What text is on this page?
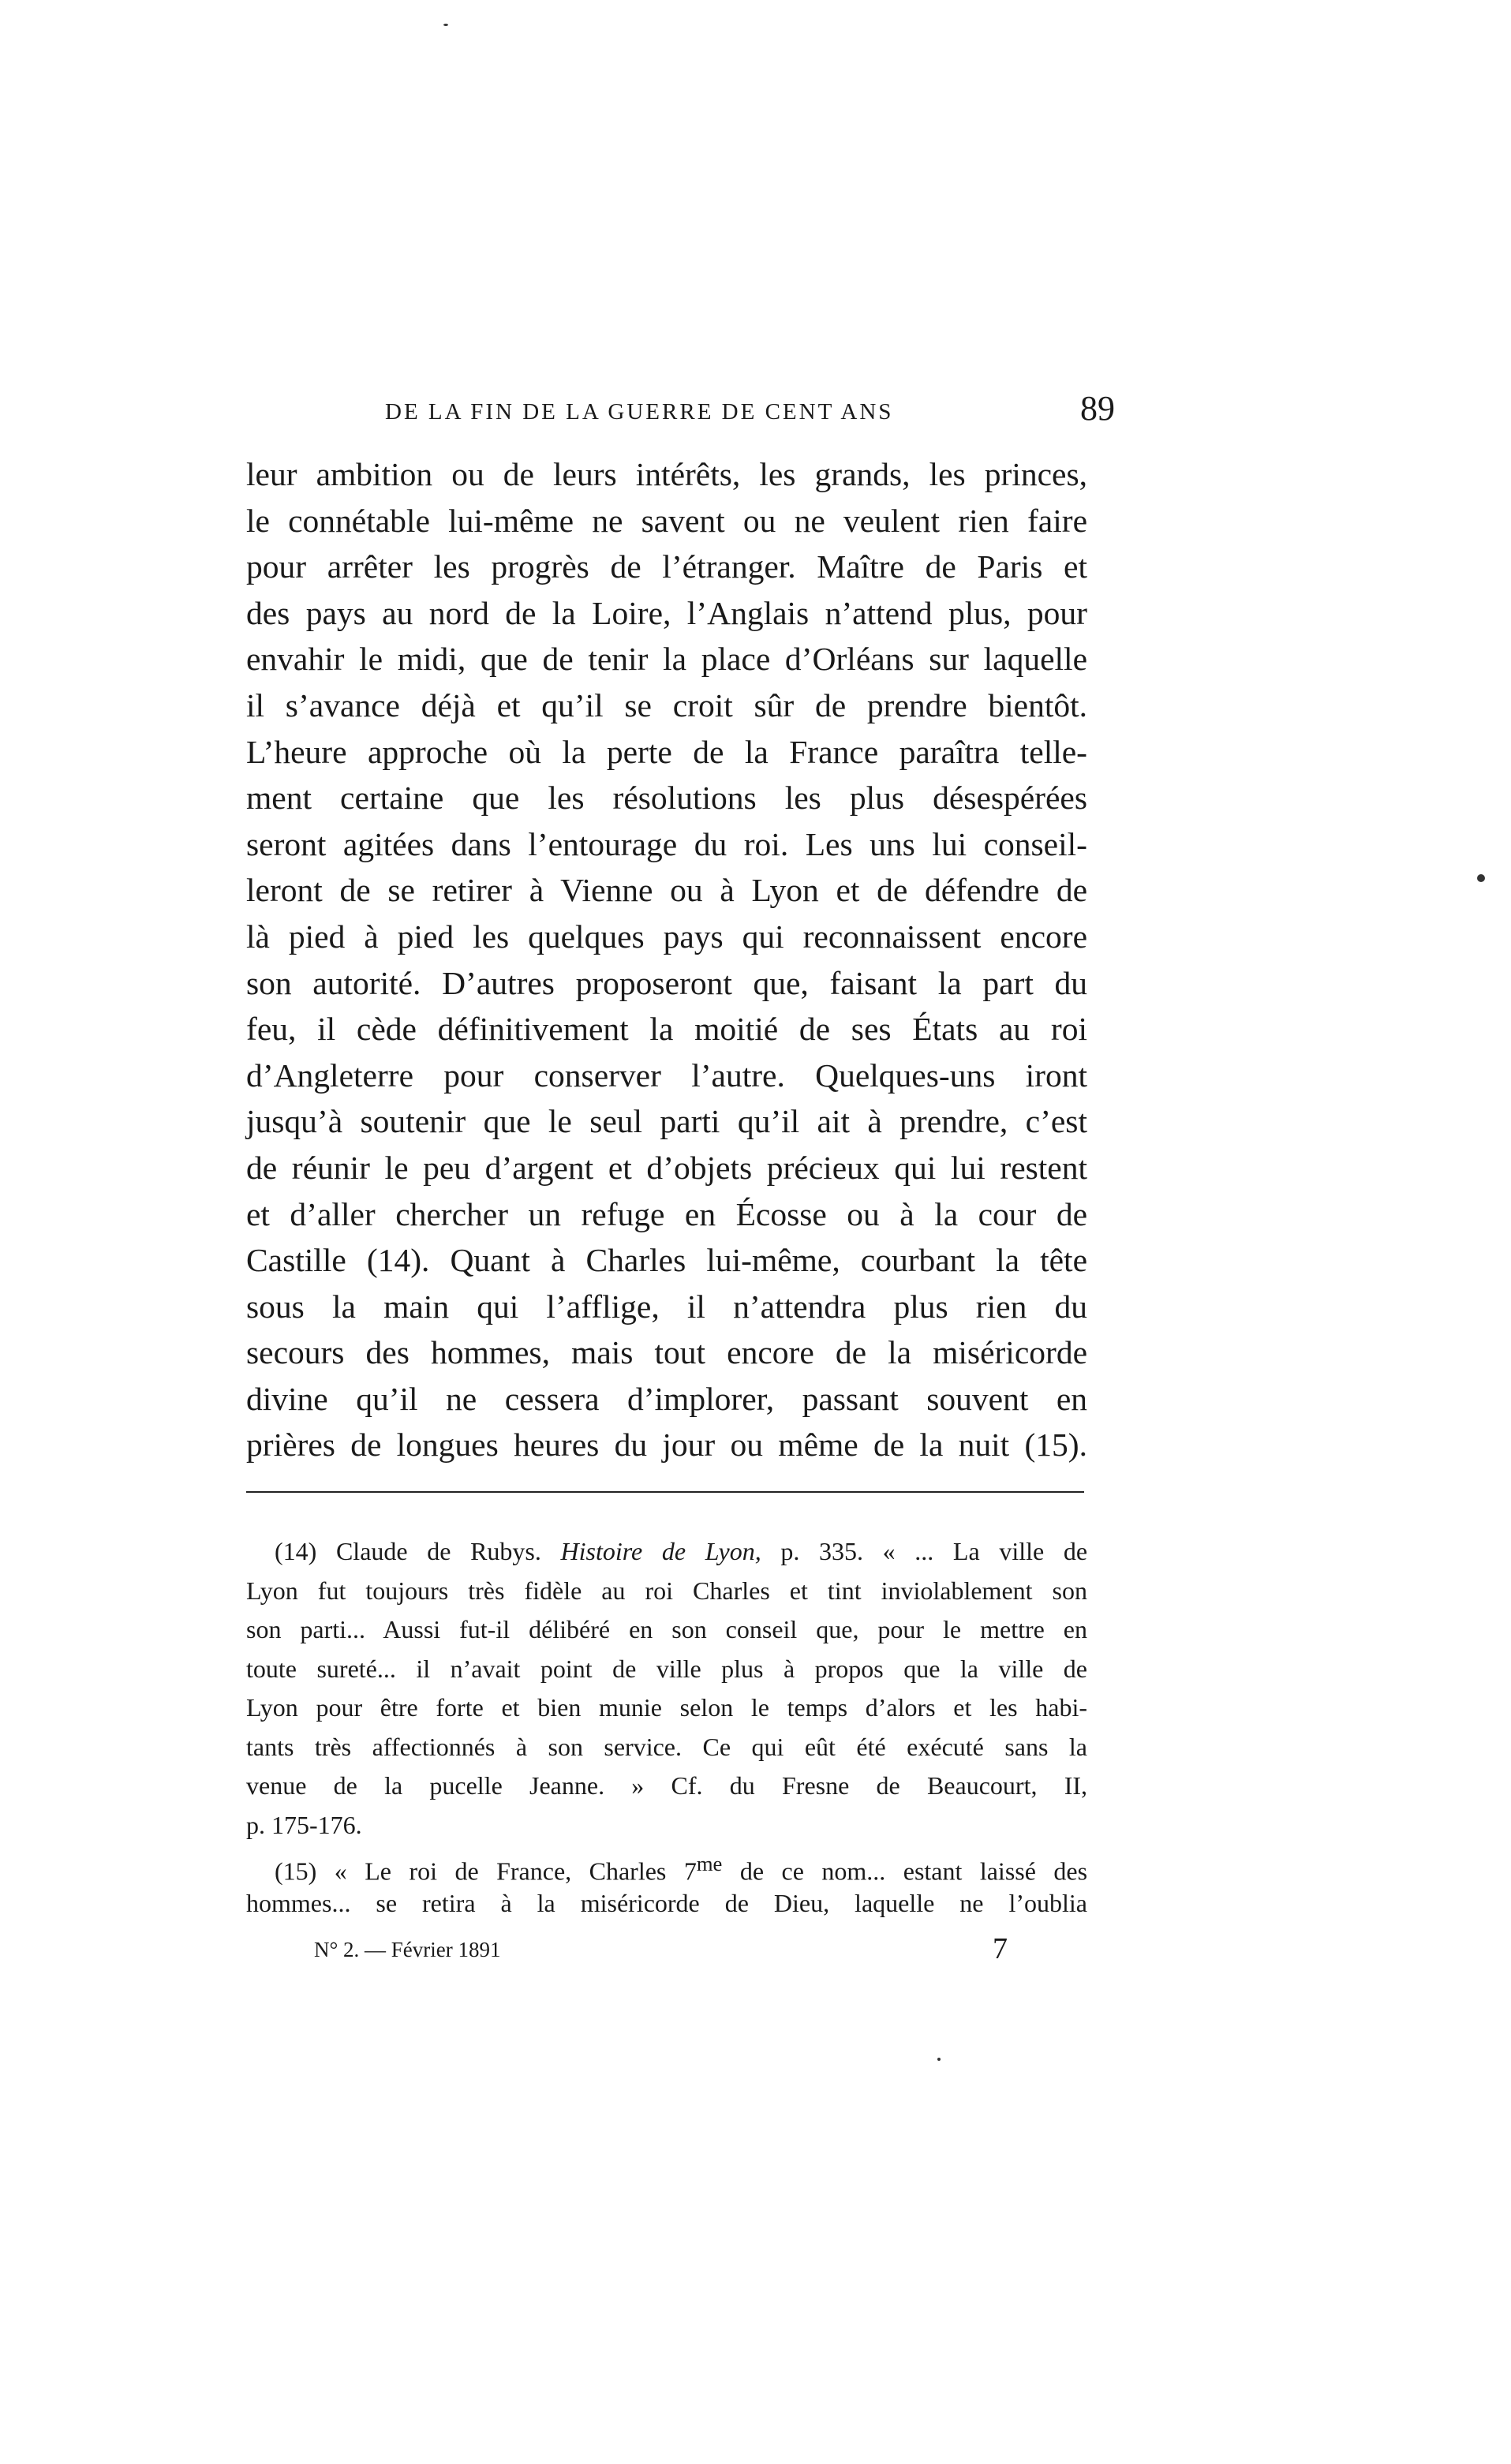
DE LA FIN DE LA GUERRE DE CENT ANS	89
leur ambition ou de leurs intérêts, les grands, les princes,
le connétable lui-même ne savent ou ne veulent rien faire
pour arrêter les progrès de l’étranger. Maître de Paris et
des pays au nord de la Loire, l’Anglais n’attend plus, pour
envahir le midi, que de tenir la place d’Orléans sur laquelle
il s’avance déjà et qu’il se croit sûr de prendre bientôt.
L’heure approche où la perte de la France paraîtra telle-
ment certaine que les résolutions les plus désespérées
seront agitées dans l’entourage du roi. Les uns lui conseil-
leront de se retirer à Vienne ou à Lyon et de défendre de
là pied à pied les quelques pays qui reconnaissent encore
son autorité. D’autres proposeront que, faisant la part du
feu, il cède définitivement la moitié de ses États au roi
d’Angleterre pour conserver l’autre. Quelques-uns iront
jusqu’à soutenir que le seul parti qu’il ait à prendre, c’est
de réunir le peu d’argent et d’objets précieux qui lui restent
et d’aller chercher un refuge en Écosse ou à la cour de
Castille (14). Quant à Charles lui-même, courbant la tête
sous la main qui l’afflige, il n’attendra plus rien du
secours des hommes, mais tout encore de la miséricorde
divine qu’il ne cessera d’implorer, passant souvent en
prières de longues heures du jour ou même de la nuit (15).
(14) Claude de Rubys. Histoire de Lyon, p. 335. « ... La ville de
Lyon fut toujours très fidèle au roi Charles et tint inviolablement son
son parti... Aussi fut-il délibéré en son conseil que, pour le mettre en
toute sureté... il n’avait point de ville plus à propos que la ville de
Lyon pour être forte et bien munie selon le temps d’alors et les habi-
tants très affectionnés à son service. Ce qui eût été exécuté sans la
venue de la pucelle Jeanne. » Cf. du Fresne de Beaucourt, II,
p. 175-176.
(15) « Le roi de France, Charles $7^{me}$ de ce nom... estant laissé des
hommes... se retira à la miséricorde de Dieu, laquelle ne l’oublia
N° 2. — Février 1891	7
